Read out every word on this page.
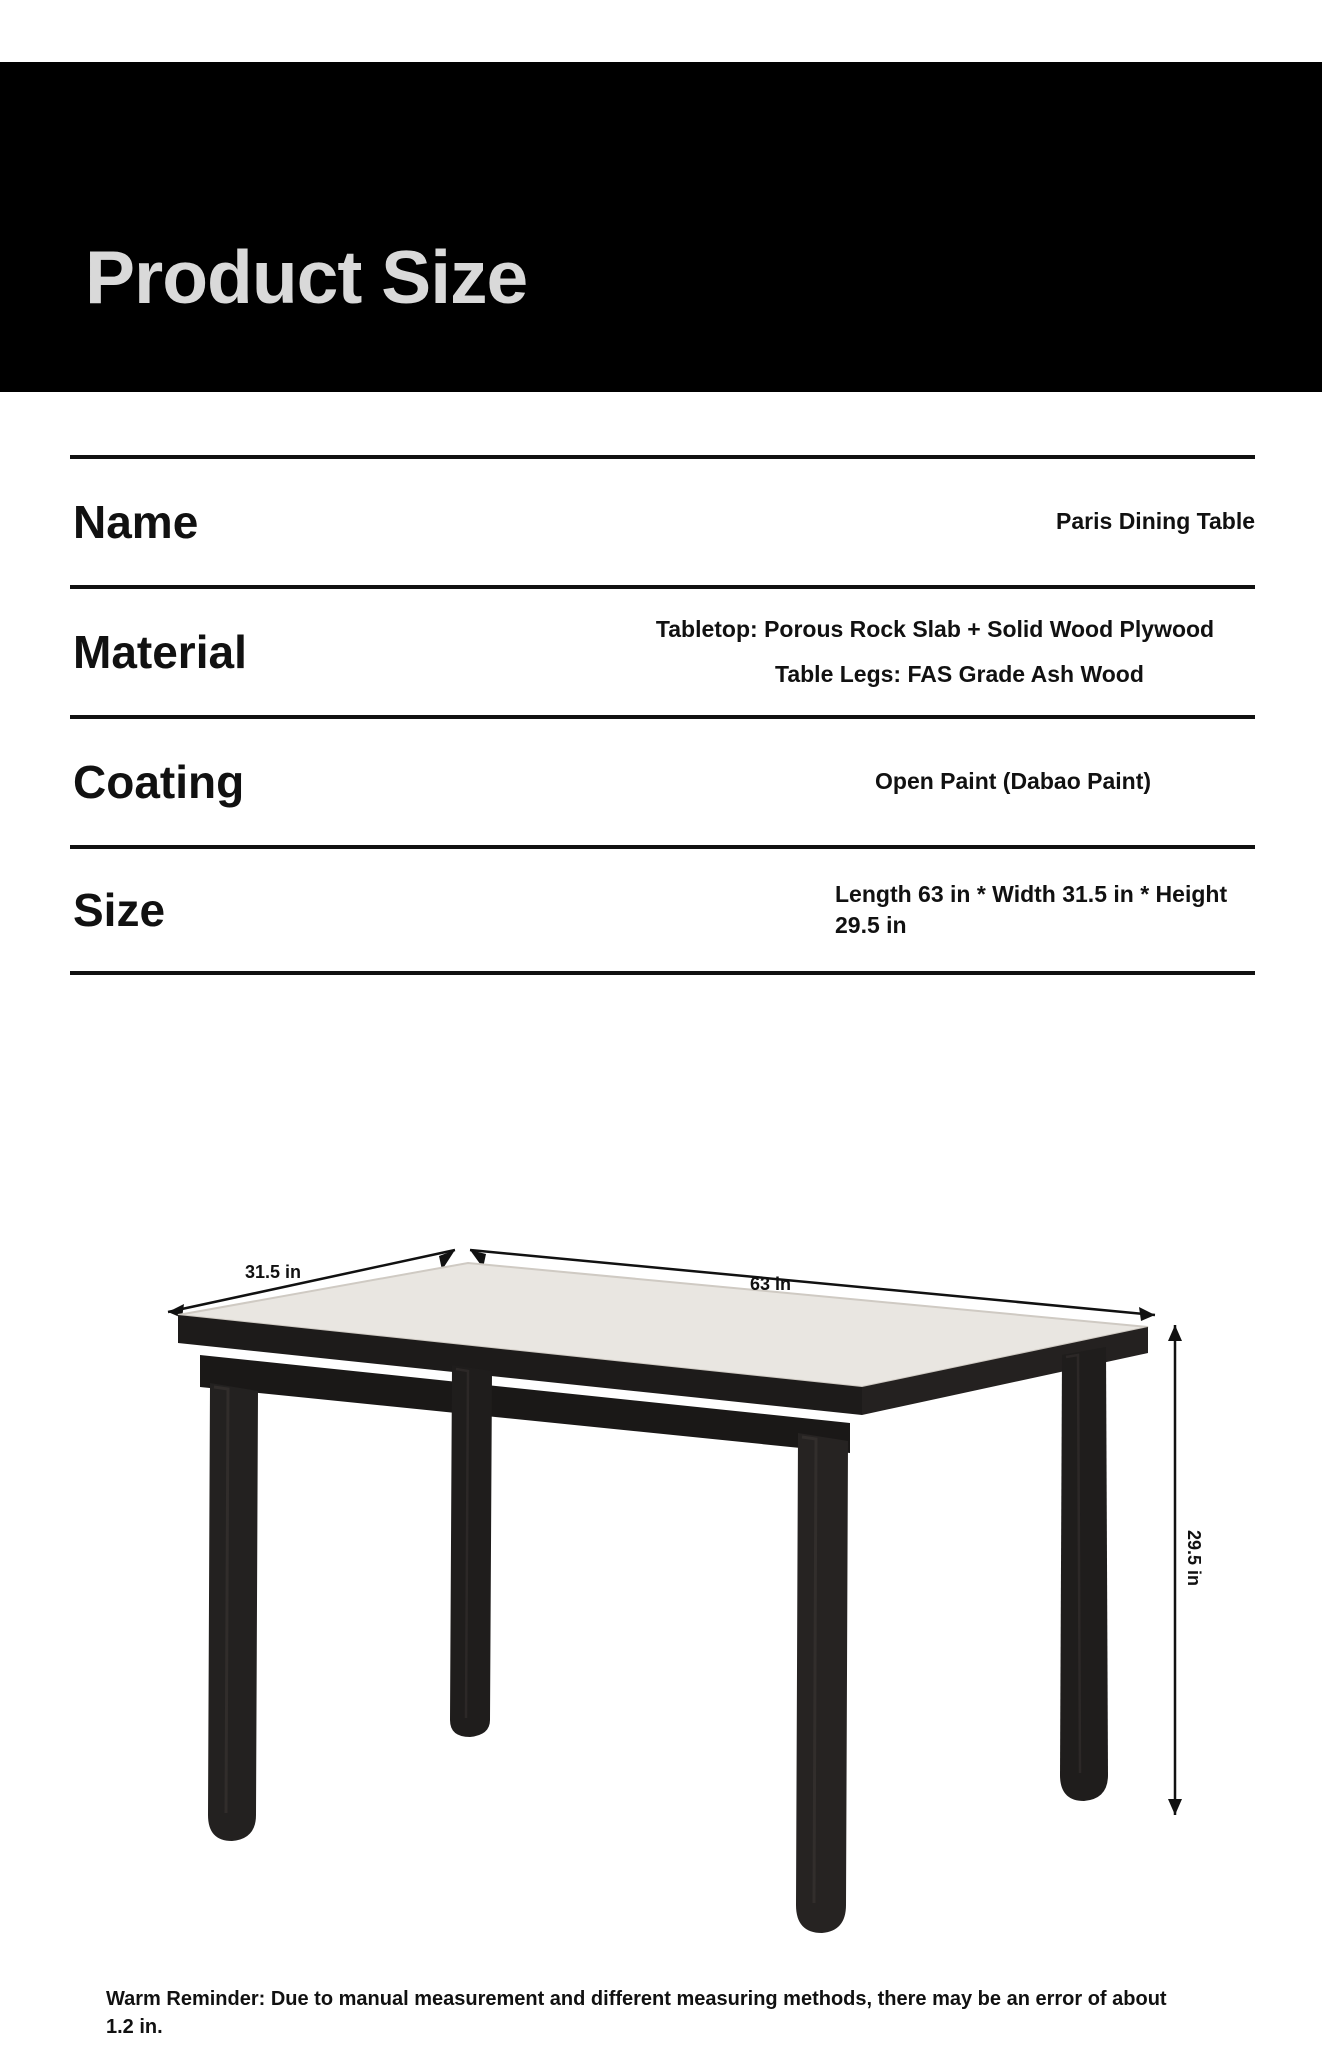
Product Size
Name	Paris Dining Table
Material	Tabletop: Porous Rock Slab + Solid Wood Plywood
Table Legs: FAS Grade Ash Wood
Coating	Open Paint (Dabao Paint)
Size	Length 63 in * Width 31.5 in * Height 29.5 in
31.5 in
63 in
29.5 in
Warm Reminder: Due to manual measurement and different measuring methods, there may be an error of about 1.2 in.
